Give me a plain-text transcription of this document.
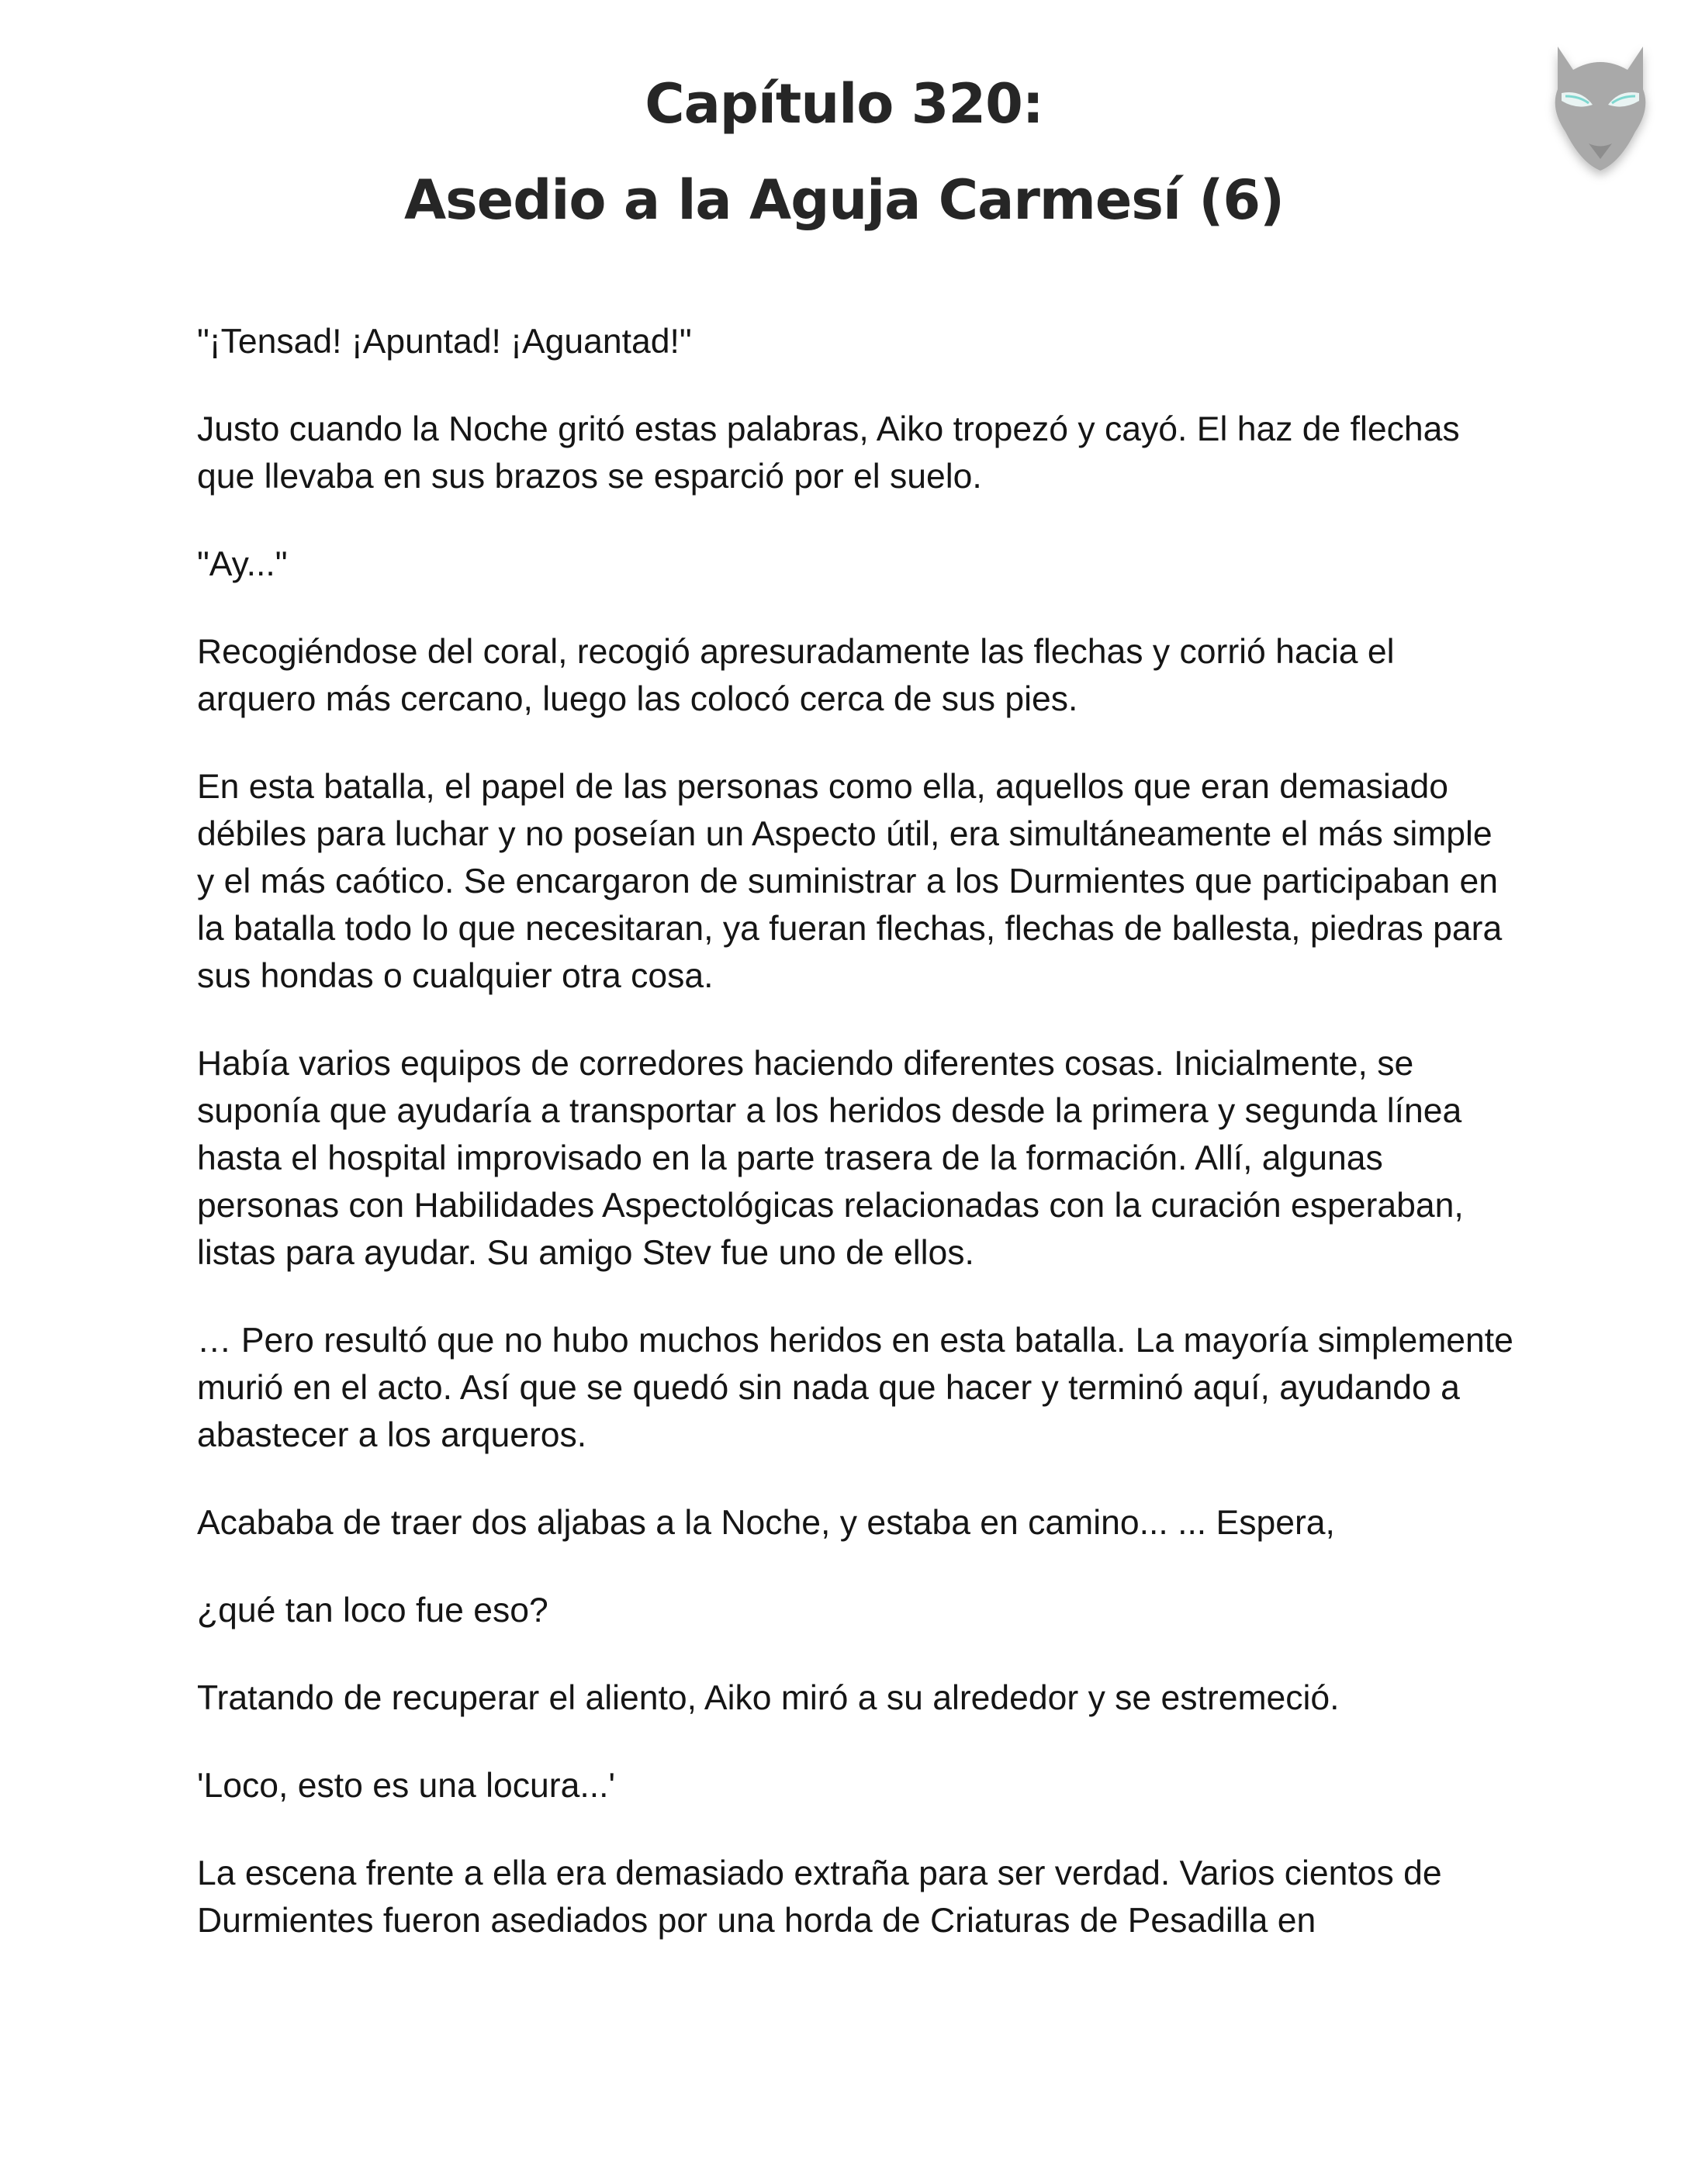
Capítulo 320:
Asedio a la Aguja Carmesí (6)

"¡Tensad! ¡Apuntad! ¡Aguantad!"

Justo cuando la Noche gritó estas palabras, Aiko tropezó y cayó. El haz de flechas que llevaba en sus brazos se esparció por el suelo.

"Ay..."

Recogiéndose del coral, recogió apresuradamente las flechas y corrió hacia el arquero más cercano, luego las colocó cerca de sus pies.

En esta batalla, el papel de las personas como ella, aquellos que eran demasiado débiles para luchar y no poseían un Aspecto útil, era simultáneamente el más simple y el más caótico. Se encargaron de suministrar a los Durmientes que participaban en la batalla todo lo que necesitaran, ya fueran flechas, flechas de ballesta, piedras para sus hondas o cualquier otra cosa.

Había varios equipos de corredores haciendo diferentes cosas. Inicialmente, se suponía que ayudaría a transportar a los heridos desde la primera y segunda línea hasta el hospital improvisado en la parte trasera de la formación. Allí, algunas personas con Habilidades Aspectológicas relacionadas con la curación esperaban, listas para ayudar. Su amigo Stev fue uno de ellos.

… Pero resultó que no hubo muchos heridos en esta batalla. La mayoría simplemente murió en el acto. Así que se quedó sin nada que hacer y terminó aquí, ayudando a abastecer a los arqueros.

Acababa de traer dos aljabas a la Noche, y estaba en camino... ... Espera,

¿qué tan loco fue eso?

Tratando de recuperar el aliento, Aiko miró a su alrededor y se estremeció.

'Loco, esto es una locura...'

La escena frente a ella era demasiado extraña para ser verdad. Varios cientos de Durmientes fueron asediados por una horda de Criaturas de Pesadilla en
